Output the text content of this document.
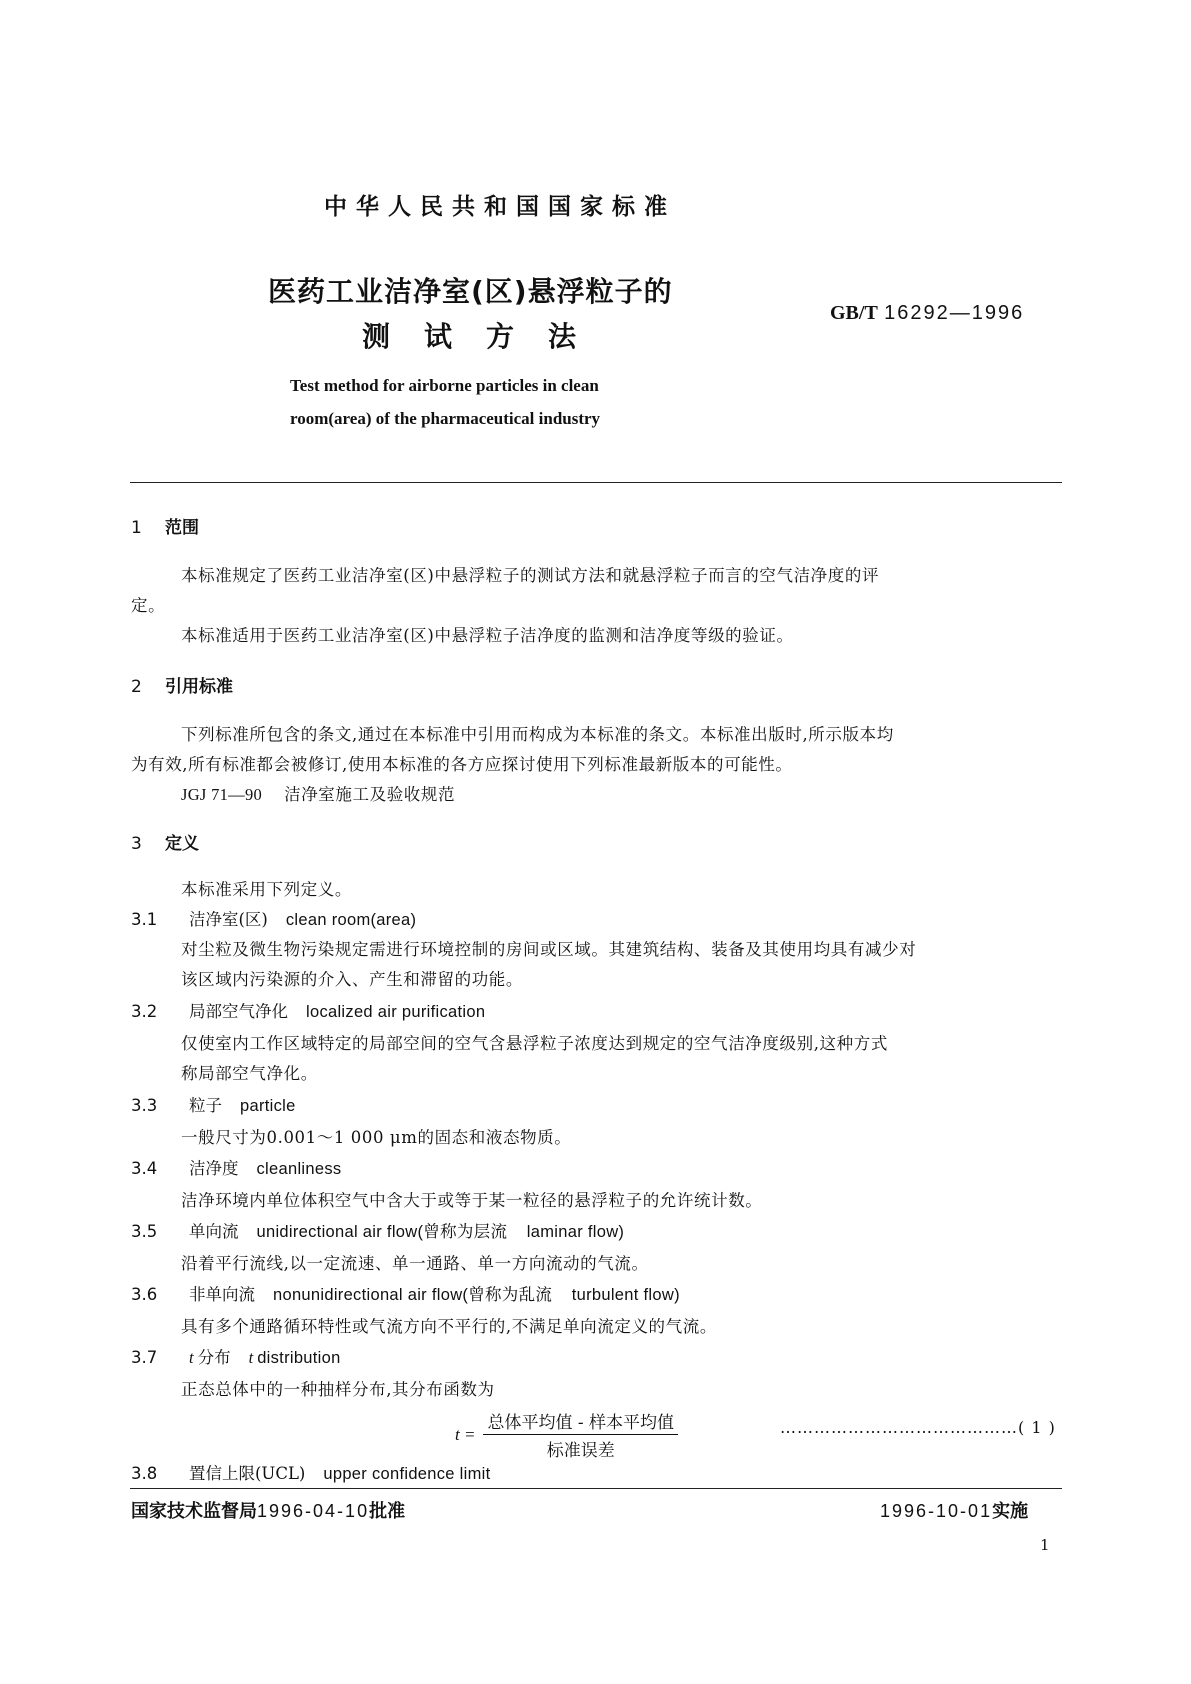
中华人民共和国国家标准
医药工业洁净室(区)悬浮粒子的
测试方法
GB/T 16292—1996
Test method for airborne particles in clean
room(area) of the pharmaceutical industry
1 范围
本标准规定了医药工业洁净室(区)中悬浮粒子的测试方法和就悬浮粒子而言的空气洁净度的评
定。
本标准适用于医药工业洁净室(区)中悬浮粒子洁净度的监测和洁净度等级的验证。
2 引用标准
下列标准所包含的条文,通过在本标准中引用而构成为本标准的条文。本标准出版时,所示版本均
为有效,所有标准都会被修订,使用本标准的各方应探讨使用下列标准最新版本的可能性。
JGJ 71—90 洁净室施工及验收规范
3 定义
本标准采用下列定义。
3.1 洁净室(区) clean room(area)
对尘粒及微生物污染规定需进行环境控制的房间或区域。其建筑结构、装备及其使用均具有减少对
该区域内污染源的介入、产生和滞留的功能。
3.2 局部空气净化 localized air purification
仅使室内工作区域特定的局部空间的空气含悬浮粒子浓度达到规定的空气洁净度级别,这种方式
称局部空气净化。
3.3 粒子 particle
一般尺寸为0.001～1 000 μm的固态和液态物质。
3.4 洁净度 cleanliness
洁净环境内单位体积空气中含大于或等于某一粒径的悬浮粒子的允许统计数。
3.5 单向流 unidirectional air flow(曾称为层流    laminar flow)
沿着平行流线,以一定流速、单一通路、单一方向流动的气流。
3.6 非单向流 nonunidirectional air flow(曾称为乱流    turbulent flow)
具有多个通路循环特性或气流方向不平行的,不满足单向流定义的气流。
3.7 t 分布 t distribution
正态总体中的一种抽样分布,其分布函数为
$t = \frac{\text{总体平均值 - 样本平均值}}{\text{标准误差}}$	……………………………………( 1 )
3.8 置信上限(UCL) upper confidence limit
国家技术监督局1996-04-10批准	1996-10-01实施
1
